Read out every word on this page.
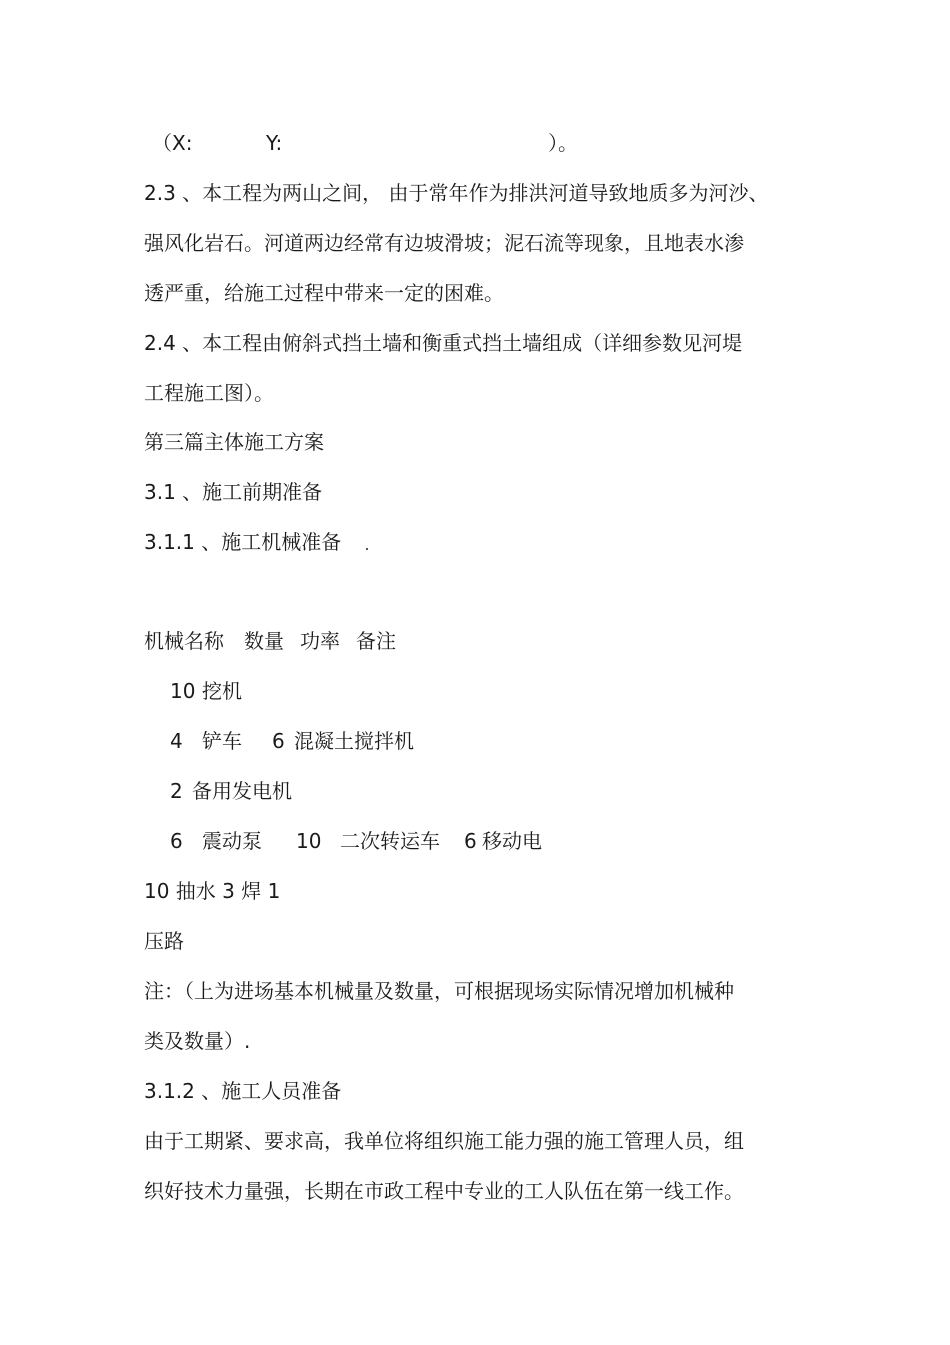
（ X:	Y:	）。
2.3 、本工程为两山之间， 由于常年作为排洪河道导致地质多为河沙、
强风化岩石。河道两边经常有边坡滑坡；泥石流等现象，且地表水渗
透严重，给施工过程中带来一定的困难。
2.4 、本工程由俯斜式挡土墙和衡重式挡土墙组成（详细参数见河堤
工程施工图）。
第三篇主体施工方案
3.1 、施工前期准备
3.1.1 、施工机械准备
机械名称 数量 功率 备注
10 挖机
4 铲车 6 混凝土搅拌机
2 备用发电机
6 震动泵 10 二次转运车 6 移动电
10 抽水 3 焊 1
压路
注：（上为进场基本机械量及数量，可根据现场实际情况增加机械种
类及数量）.
3.1.2 、施工人员准备
由于工期紧、要求高，我单位将组织施工能力强的施工管理人员，组
织好技术力量强，长期在市政工程中专业的工人队伍在第一线工作。
